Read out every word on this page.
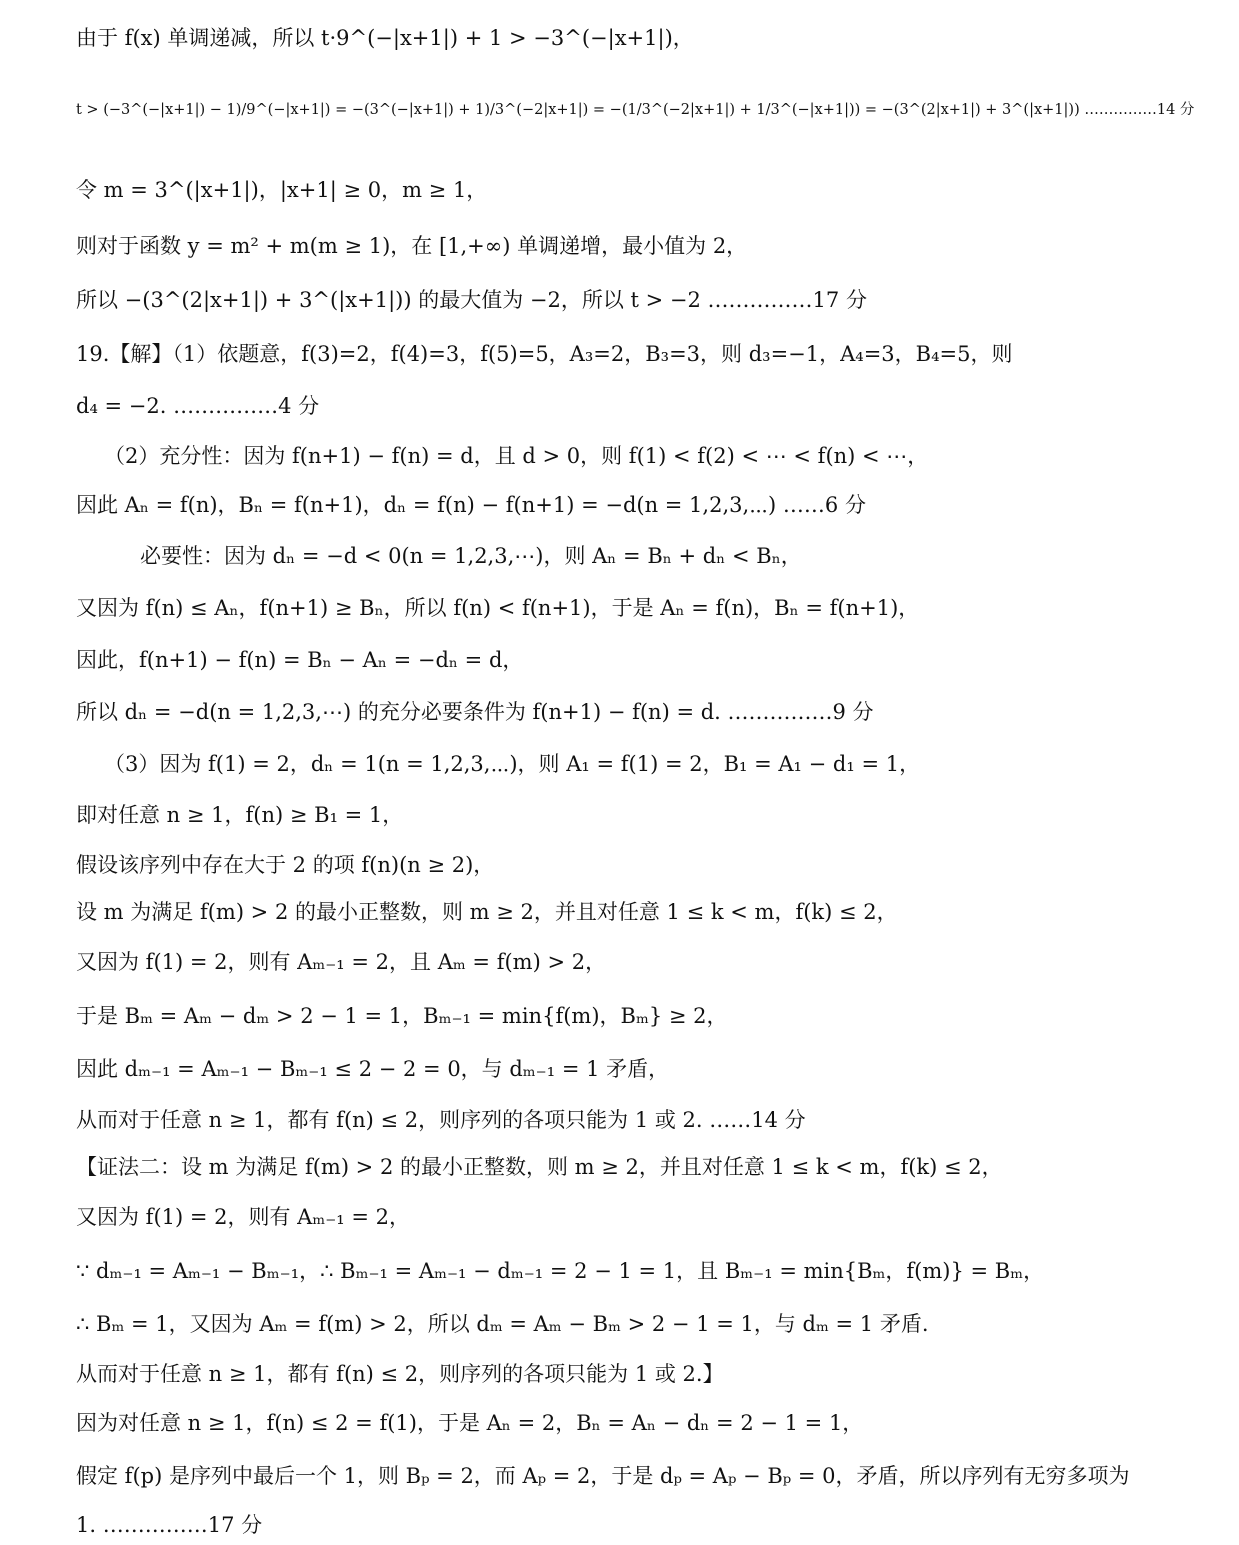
由于 f(x) 单调递减，所以 t·9^(−|x+1|) + 1 > −3^(−|x+1|)，
t > (−3^(−|x+1|) − 1)/9^(−|x+1|) = −(3^(−|x+1|) + 1)/3^(−2|x+1|) = −(1/3^(−2|x+1|) + 1/3^(−|x+1|)) = −(3^(2|x+1|) + 3^(|x+1|)) ……………14 分
令 m = 3^(|x+1|)，|x+1| ≥ 0，m ≥ 1，
则对于函数 y = m² + m(m ≥ 1)，在 [1,+∞) 单调递增，最小值为 2，
所以 −(3^(2|x+1|) + 3^(|x+1|)) 的最大值为 −2，所以 t > −2 ……………17 分
19.【解】（1）依题意，f(3)=2，f(4)=3，f(5)=5，A₃=2，B₃=3，则 d₃=−1，A₄=3，B₄=5，则
d₄ = −2. ……………4 分
（2）充分性：因为 f(n+1) − f(n) = d，且 d > 0，则 f(1) < f(2) < ⋯ < f(n) < ⋯，
因此 Aₙ = f(n)，Bₙ = f(n+1)，dₙ = f(n) − f(n+1) = −d(n = 1,2,3,⋯) ……6 分
必要性：因为 dₙ = −d < 0(n = 1,2,3,⋯)，则 Aₙ = Bₙ + dₙ < Bₙ，
又因为 f(n) ≤ Aₙ，f(n+1) ≥ Bₙ，所以 f(n) < f(n+1)，于是 Aₙ = f(n)，Bₙ = f(n+1)，
因此，f(n+1) − f(n) = Bₙ − Aₙ = −dₙ = d，
所以 dₙ = −d(n = 1,2,3,⋯) 的充分必要条件为 f(n+1) − f(n) = d. ……………9 分
（3）因为 f(1) = 2，dₙ = 1(n = 1,2,3,⋯)，则 A₁ = f(1) = 2，B₁ = A₁ − d₁ = 1，
即对任意 n ≥ 1，f(n) ≥ B₁ = 1，
假设该序列中存在大于 2 的项 f(n)(n ≥ 2)，
设 m 为满足 f(m) > 2 的最小正整数，则 m ≥ 2，并且对任意 1 ≤ k < m，f(k) ≤ 2，
又因为 f(1) = 2，则有 Aₘ₋₁ = 2，且 Aₘ = f(m) > 2，
于是 Bₘ = Aₘ − dₘ > 2 − 1 = 1，Bₘ₋₁ = min{f(m)，Bₘ} ≥ 2，
因此 dₘ₋₁ = Aₘ₋₁ − Bₘ₋₁ ≤ 2 − 2 = 0，与 dₘ₋₁ = 1 矛盾，
从而对于任意 n ≥ 1，都有 f(n) ≤ 2，则序列的各项只能为 1 或 2. ……14 分
【证法二：设 m 为满足 f(m) > 2 的最小正整数，则 m ≥ 2，并且对任意 1 ≤ k < m，f(k) ≤ 2，
又因为 f(1) = 2，则有 Aₘ₋₁ = 2，
∵ dₘ₋₁ = Aₘ₋₁ − Bₘ₋₁，∴ Bₘ₋₁ = Aₘ₋₁ − dₘ₋₁ = 2 − 1 = 1，且 Bₘ₋₁ = min{Bₘ，f(m)} = Bₘ，
∴ Bₘ = 1，又因为 Aₘ = f(m) > 2，所以 dₘ = Aₘ − Bₘ > 2 − 1 = 1，与 dₘ = 1 矛盾.
从而对于任意 n ≥ 1，都有 f(n) ≤ 2，则序列的各项只能为 1 或 2.】
因为对任意 n ≥ 1，f(n) ≤ 2 = f(1)，于是 Aₙ = 2，Bₙ = Aₙ − dₙ = 2 − 1 = 1，
假定 f(p) 是序列中最后一个 1，则 Bₚ = 2，而 Aₚ = 2，于是 dₚ = Aₚ − Bₚ = 0，矛盾，所以序列有无穷多项为
1. ……………17 分
